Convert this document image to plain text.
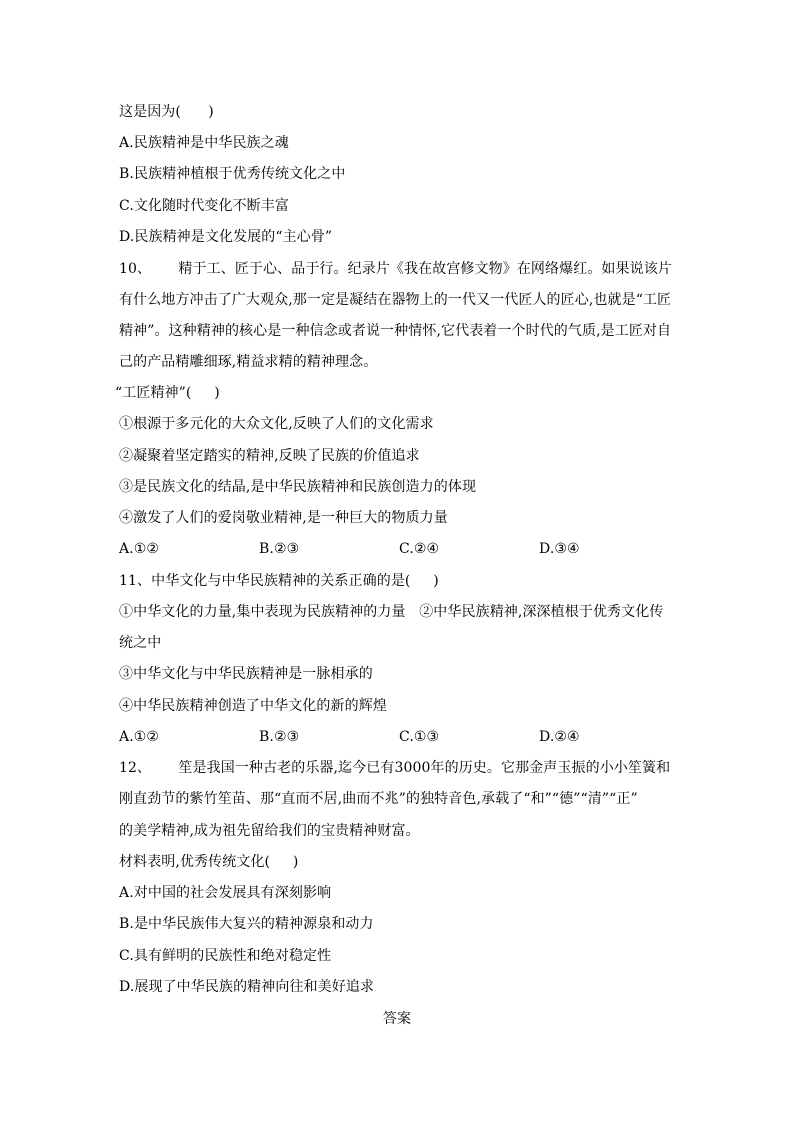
这是因为(      )
A.民族精神是中华民族之魂
B.民族精神植根于优秀传统文化之中
C.文化随时代变化不断丰富
D.民族精神是文化发展的“主心骨”
10、      精于工、匠于心、品于行。纪录片《我在故宫修文物》在网络爆红。如果说该片
有什么地方冲击了广大观众,那一定是凝结在器物上的一代又一代匠人的匠心,也就是“工匠
精神”。这种精神的核心是一种信念或者说一种情怀,它代表着一个时代的气质,是工匠对自
己的产品精雕细琢,精益求精的精神理念。
“工匠精神”(     )
①根源于多元化的大众文化,反映了人们的文化需求
②凝聚着坚定踏实的精神,反映了民族的价值追求
③是民族文化的结晶,是中华民族精神和民族创造力的体现
④激发了人们的爱岗敬业精神,是一种巨大的物质力量
A.①②	B.②③	C.②④	D.③④
11、中华文化与中华民族精神的关系正确的是(     )
①中华文化的力量,集中表现为民族精神的力量   ②中华民族精神,深深植根于优秀文化传
统之中
③中华文化与中华民族精神是一脉相承的
④中华民族精神创造了中华文化的新的辉煌
A.①②	B.②③	C.①③	D.②④
12、      笙是我国一种古老的乐器,迄今已有3000年的历史。它那金声玉振的小小笙簧和
刚直劲节的紫竹笙苗、那“直而不居,曲而不兆”的独特音色,承载了“和”“德”“清”“正”
的美学精神,成为祖先留给我们的宝贵精神财富。
材料表明,优秀传统文化(     )
A.对中国的社会发展具有深刻影响
B.是中华民族伟大复兴的精神源泉和动力
C.具有鲜明的民族性和绝对稳定性
D.展现了中华民族的精神向往和美好追求
答案
